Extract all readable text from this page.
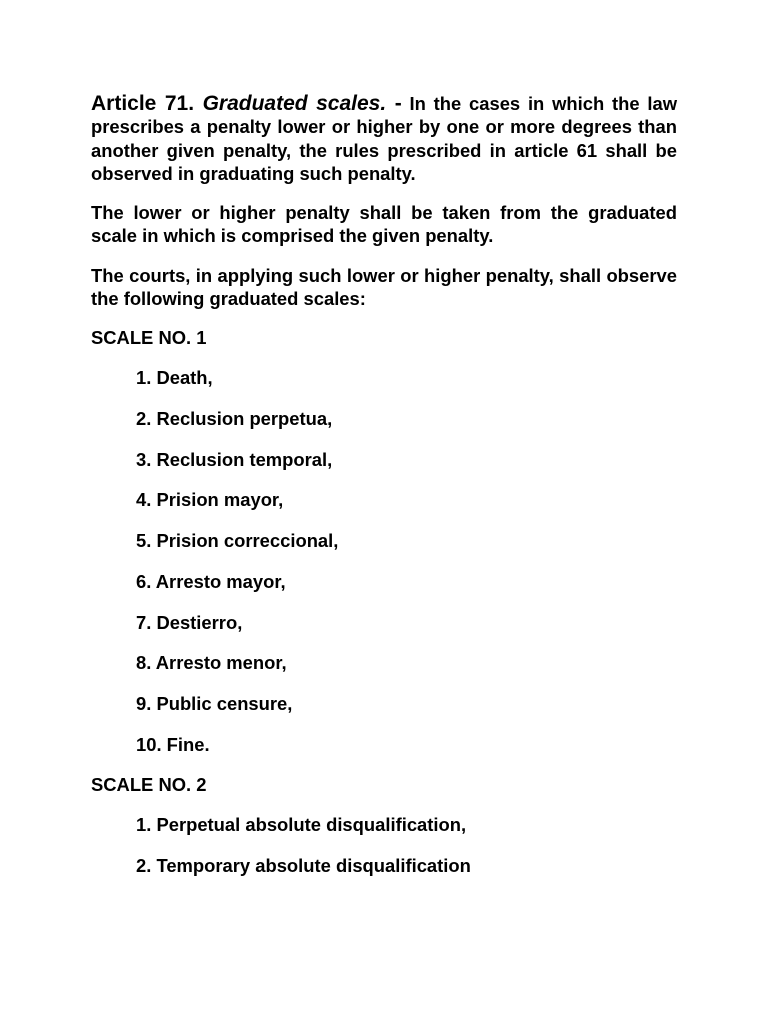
Article 71. Graduated scales. - In the cases in which the law prescribes a penalty lower or higher by one or more degrees than another given penalty, the rules prescribed in article 61 shall be observed in graduating such penalty.

The lower or higher penalty shall be taken from the graduated scale in which is comprised the given penalty.

The courts, in applying such lower or higher penalty, shall observe the following graduated scales:

SCALE NO. 1
1. Death,
2. Reclusion perpetua,
3. Reclusion temporal,
4. Prision mayor,
5. Prision correccional,
6. Arresto mayor,
7. Destierro,
8. Arresto menor,
9. Public censure,
10. Fine.
SCALE NO. 2
1. Perpetual absolute disqualification,
2. Temporary absolute disqualification
